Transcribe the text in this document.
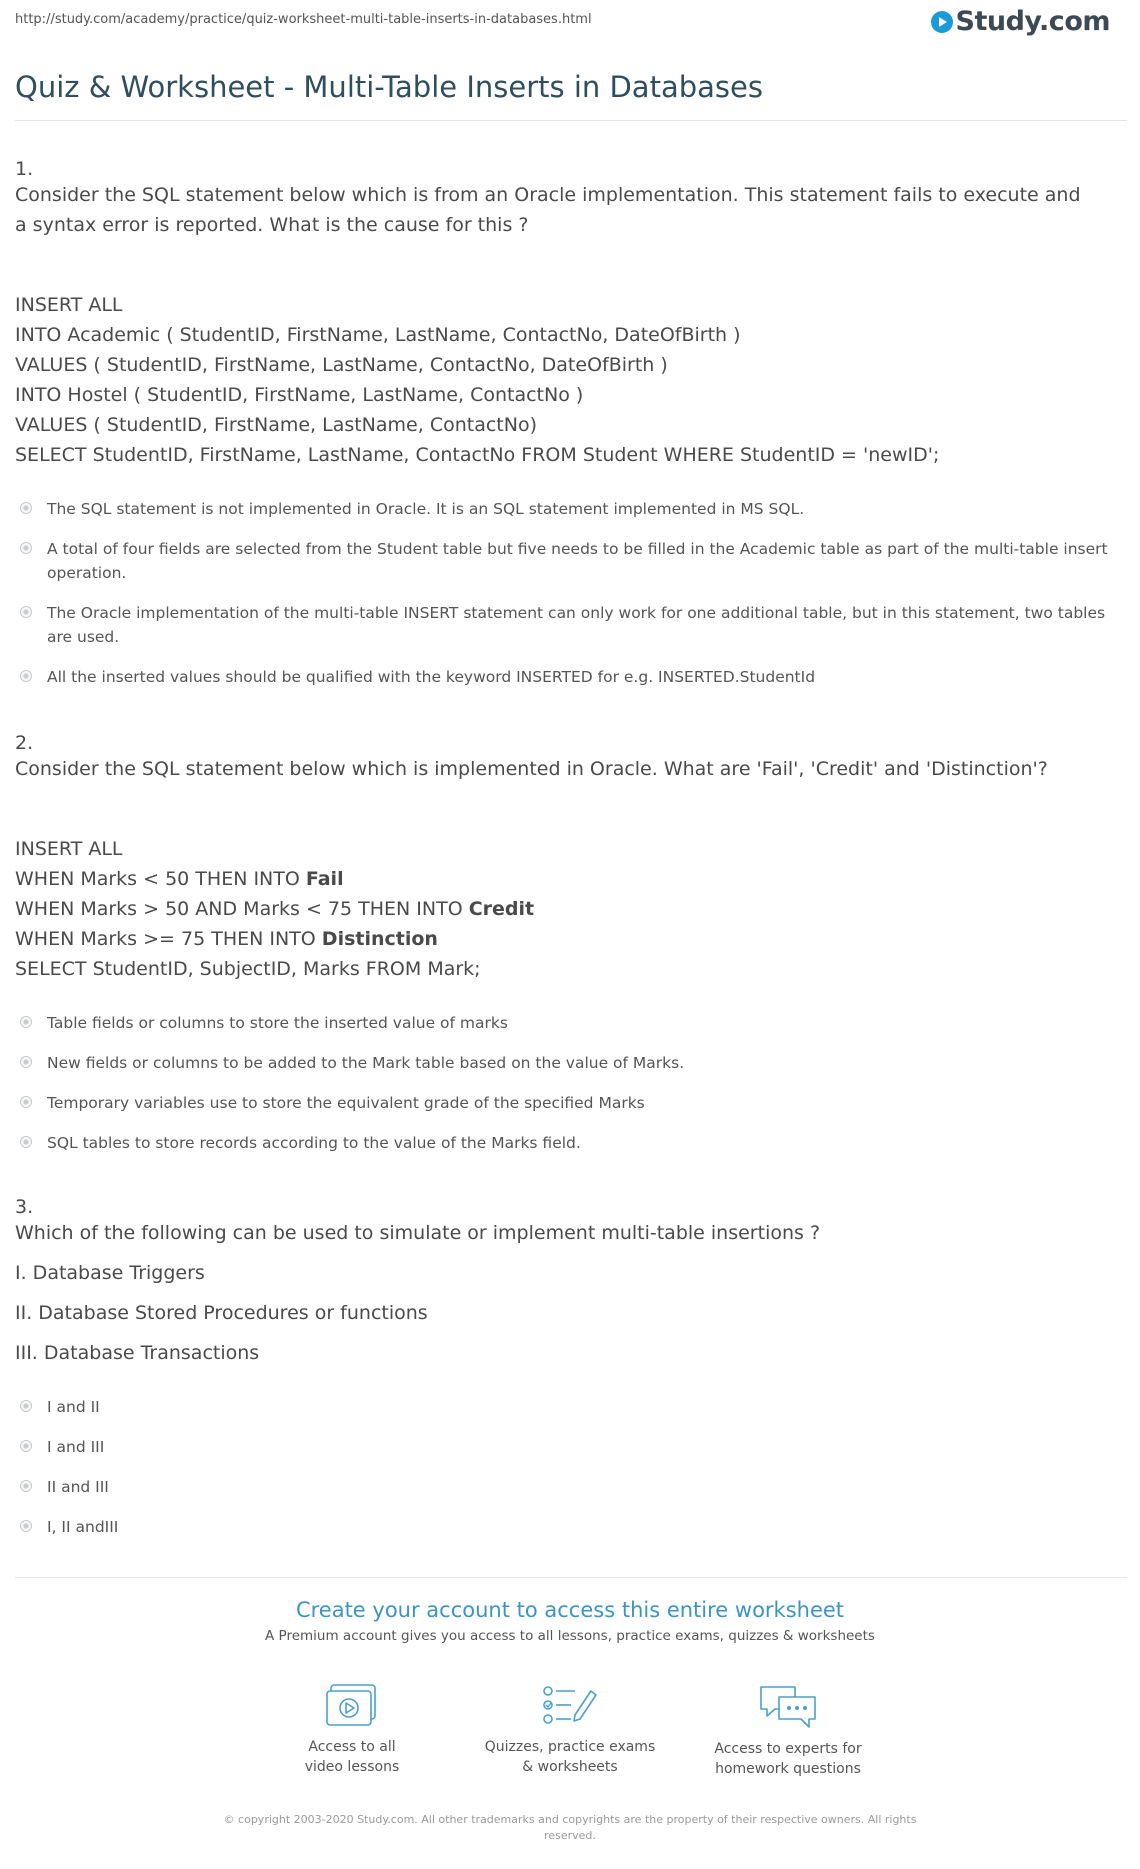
http://study.com/academy/practice/quiz-worksheet-multi-table-inserts-in-databases.html	Study.com
Quiz & Worksheet - Multi-Table Inserts in Databases
1.
Consider the SQL statement below which is from an Oracle implementation. This statement fails to execute and
a syntax error is reported. What is the cause for this ?
INSERT ALL
INTO Academic ( StudentID, FirstName, LastName, ContactNo, DateOfBirth )
VALUES ( StudentID, FirstName, LastName, ContactNo, DateOfBirth )
INTO Hostel ( StudentID, FirstName, LastName, ContactNo )
VALUES ( StudentID, FirstName, LastName, ContactNo)
SELECT StudentID, FirstName, LastName, ContactNo FROM Student WHERE StudentID = 'newID';
The SQL statement is not implemented in Oracle. It is an SQL statement implemented in MS SQL.
A total of four fields are selected from the Student table but five needs to be filled in the Academic table as part of the multi-table insert operation.
The Oracle implementation of the multi-table INSERT statement can only work for one additional table, but in this statement, two tables are used.
All the inserted values should be qualified with the keyword INSERTED for e.g. INSERTED.StudentId
2.
Consider the SQL statement below which is implemented in Oracle. What are 'Fail', 'Credit' and 'Distinction'?
INSERT ALL
WHEN Marks < 50 THEN INTO Fail
WHEN Marks > 50 AND Marks < 75 THEN INTO Credit
WHEN Marks >= 75 THEN INTO Distinction
SELECT StudentID, SubjectID, Marks FROM Mark;
Table fields or columns to store the inserted value of marks
New fields or columns to be added to the Mark table based on the value of Marks.
Temporary variables use to store the equivalent grade of the specified Marks
SQL tables to store records according to the value of the Marks field.
3.
Which of the following can be used to simulate or implement multi-table insertions ?
I. Database Triggers
II. Database Stored Procedures or functions
III. Database Transactions
I and II
I and III
II and III
I, II andIII
Create your account to access this entire worksheet
A Premium account gives you access to all lessons, practice exams, quizzes & worksheets
Access to all
video lessons
Quizzes, practice exams
& worksheets
Access to experts for
homework questions
© copyright 2003-2020 Study.com. All other trademarks and copyrights are the property of their respective owners. All rights
reserved.
